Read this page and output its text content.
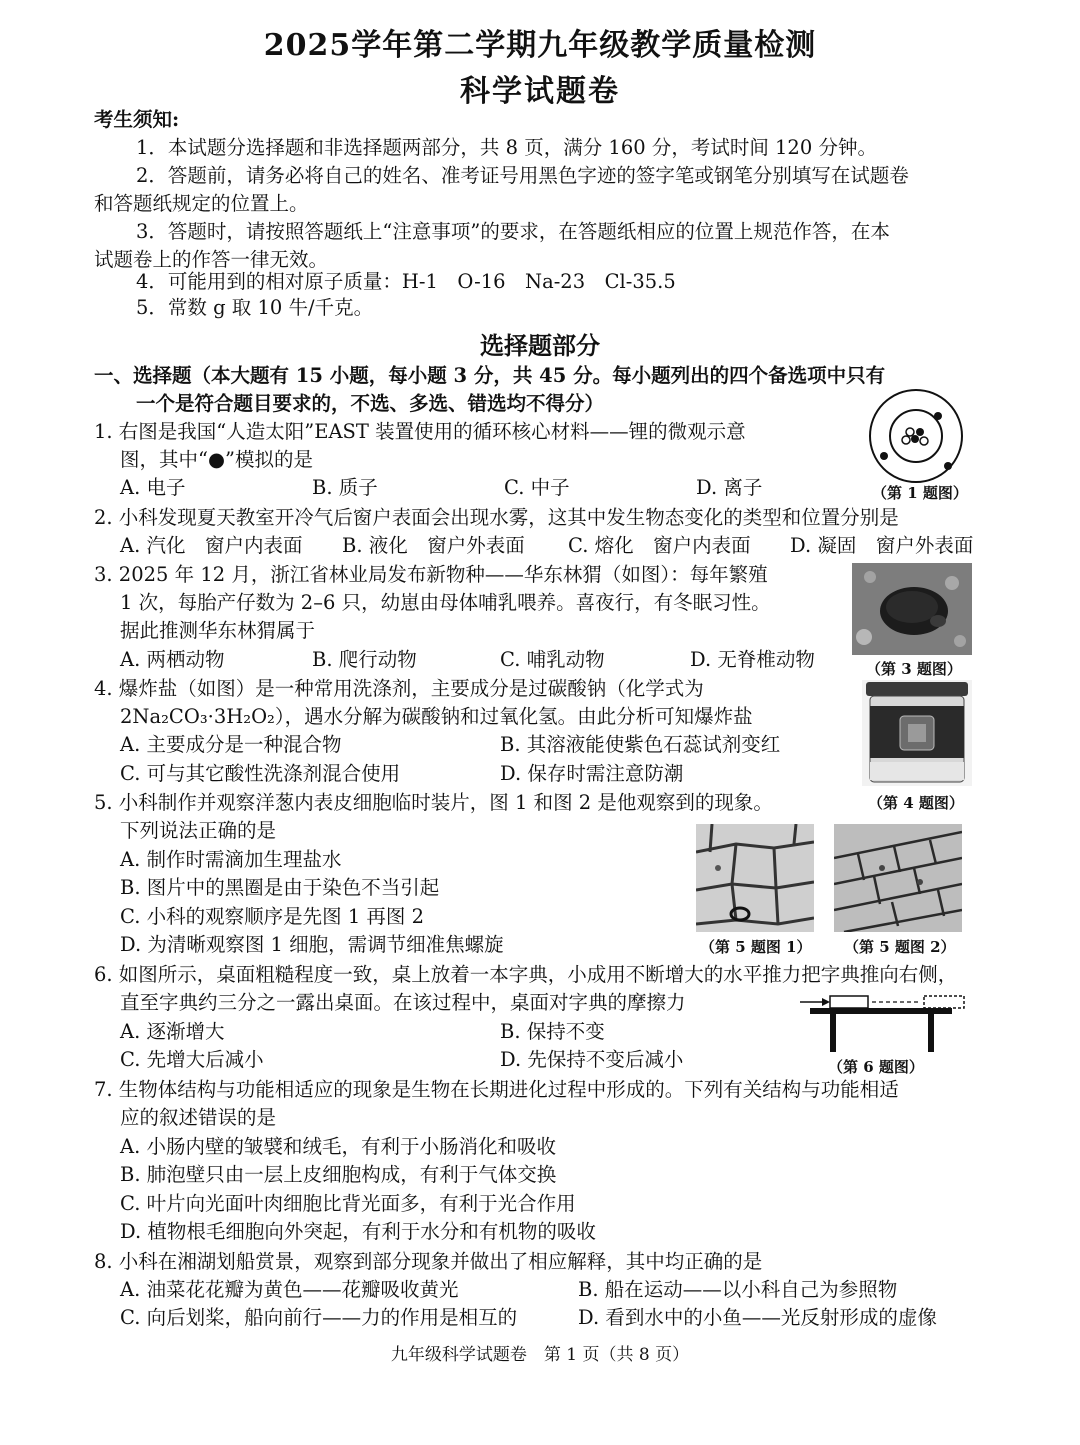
2025学年第二学期九年级教学质量检测
科学试题卷
考生须知:
1．本试题分选择题和非选择题两部分，共 8 页，满分 160 分，考试时间 120 分钟。
2．答题前，请务必将自己的姓名、准考证号用黑色字迹的签字笔或钢笔分别填写在试题卷
和答题纸规定的位置上。
3．答题时，请按照答题纸上“注意事项”的要求，在答题纸相应的位置上规范作答，在本
试题卷上的作答一律无效。
4．可能用到的相对原子质量：H-1　O-16　Na-23　Cl-35.5
5．常数 g 取 10 牛/千克。
选择题部分
一、选择题（本大题有 15 小题，每小题 3 分，共 45 分。每小题列出的四个备选项中只有
一个是符合题目要求的，不选、多选、错选均不得分）
1. 右图是我国“人造太阳”EAST 装置使用的循环核心材料——锂的微观示意
图，其中“●”模拟的是
A. 电子	B. 质子	C. 中子	D. 离子	（第 1 题图）
2. 小科发现夏天教室开冷气后窗户表面会出现水雾，这其中发生物态变化的类型和位置分别是
A. 汽化　窗户内表面 B. 液化　窗户外表面 C. 熔化　窗户内表面 D. 凝固　窗户外表面
3. 2025 年 12 月，浙江省林业局发布新物种——华东林猬（如图）：每年繁殖
1 次，每胎产仔数为 2–6 只，幼崽由母体哺乳喂养。喜夜行，有冬眠习性。
据此推测华东林猬属于
A. 两栖动物	B. 爬行动物	C. 哺乳动物	D. 无脊椎动物	（第 3 题图）
4. 爆炸盐（如图）是一种常用洗涤剂，主要成分是过碳酸钠（化学式为
2Na₂CO₃·3H₂O₂），遇水分解为碳酸钠和过氧化氢。由此分析可知爆炸盐
A. 主要成分是一种混合物	B. 其溶液能使紫色石蕊试剂变红
C. 可与其它酸性洗涤剂混合使用	D. 保存时需注意防潮
（第 4 题图）
5. 小科制作并观察洋葱内表皮细胞临时装片，图 1 和图 2 是他观察到的现象。
下列说法正确的是
A. 制作时需滴加生理盐水
B. 图片中的黑圈是由于染色不当引起
C. 小科的观察顺序是先图 1 再图 2
D. 为清晰观察图 1 细胞，需调节细准焦螺旋	（第 5 题图 1） （第 5 题图 2）
6. 如图所示，桌面粗糙程度一致，桌上放着一本字典，小成用不断增大的水平推力把字典推向右侧，
直至字典约三分之一露出桌面。在该过程中，桌面对字典的摩擦力
A. 逐渐增大	B. 保持不变
C. 先增大后减小	D. 先保持不变后减小	（第 6 题图）
7. 生物体结构与功能相适应的现象是生物在长期进化过程中形成的。下列有关结构与功能相适
应的叙述错误的是
A. 小肠内壁的皱襞和绒毛，有利于小肠消化和吸收
B. 肺泡壁只由一层上皮细胞构成，有利于气体交换
C. 叶片向光面叶肉细胞比背光面多，有利于光合作用
D. 植物根毛细胞向外突起，有利于水分和有机物的吸收
8. 小科在湘湖划船赏景，观察到部分现象并做出了相应解释，其中均正确的是
A. 油菜花花瓣为黄色——花瓣吸收黄光	B. 船在运动——以小科自己为参照物
C. 向后划桨，船向前行——力的作用是相互的	D. 看到水中的小鱼——光反射形成的虚像
九年级科学试题卷　第 1 页（共 8 页）
